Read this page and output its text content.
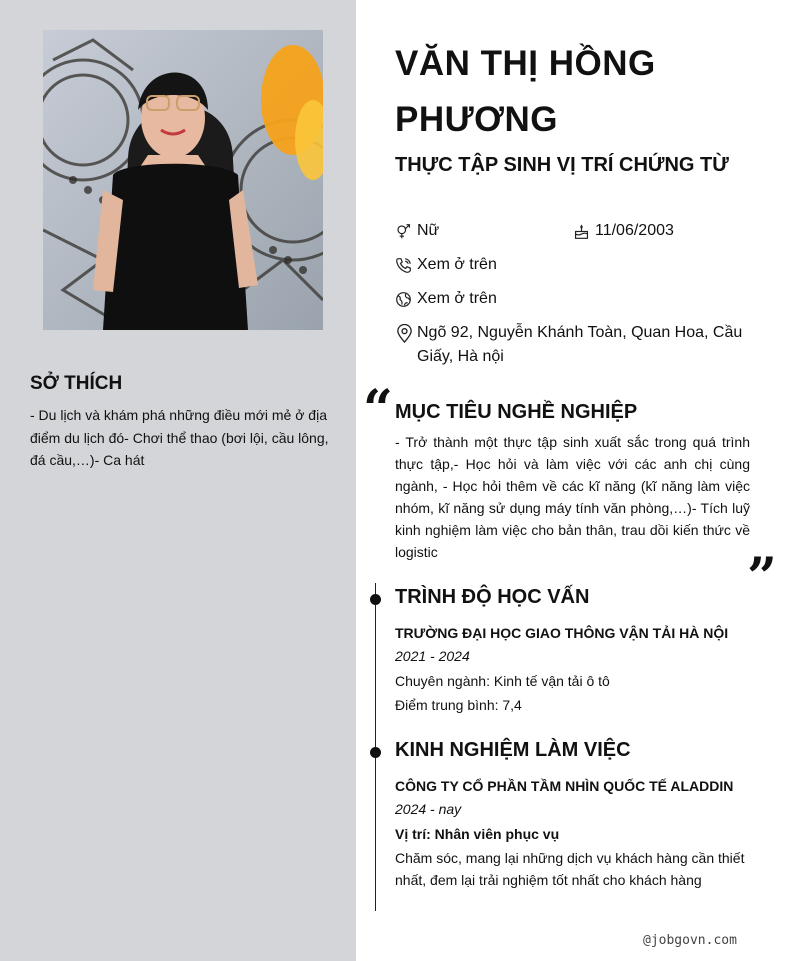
SỞ THÍCH
- Du lịch và khám phá những điều mới mẻ ở địa điểm du lịch đó- Chơi thể thao (bơi lội, cầu lông, đá cầu,…)- Ca hát
VĂN THỊ HỒNG PHƯƠNG
THỰC TẬP SINH VỊ TRÍ CHỨNG TỪ
Nữ	11/06/2003
Xem ở trên
Xem ở trên
Ngõ 92, Nguyễn Khánh Toàn, Quan Hoa, Cầu Giấy, Hà nội
“ MỤC TIÊU NGHỀ NGHIỆP
- Trở thành một thực tập sinh xuất sắc trong quá trình thực tập,- Học hỏi và làm việc với các anh chị cùng ngành, - Học hỏi thêm về các kĩ năng (kĩ năng làm việc nhóm, kĩ năng sử dụng máy tính văn phòng,…)- Tích luỹ kinh nghiệm làm việc cho bản thân, trau dồi kiến thức về logistic	”
TRÌNH ĐỘ HỌC VẤN
TRƯỜNG ĐẠI HỌC GIAO THÔNG VẬN TẢI HÀ NỘI
2021 - 2024
Chuyên ngành: Kinh tế vận tải ô tô
Điểm trung bình: 7,4
KINH NGHIỆM LÀM VIỆC
CÔNG TY CỔ PHẦN TẦM NHÌN QUỐC TẾ ALADDIN
2024 - nay
Vị trí: Nhân viên phục vụ
Chăm sóc, mang lại những dịch vụ khách hàng cần thiết nhất, đem lại trải nghiệm tốt nhất cho khách hàng
@jobgovn.com
